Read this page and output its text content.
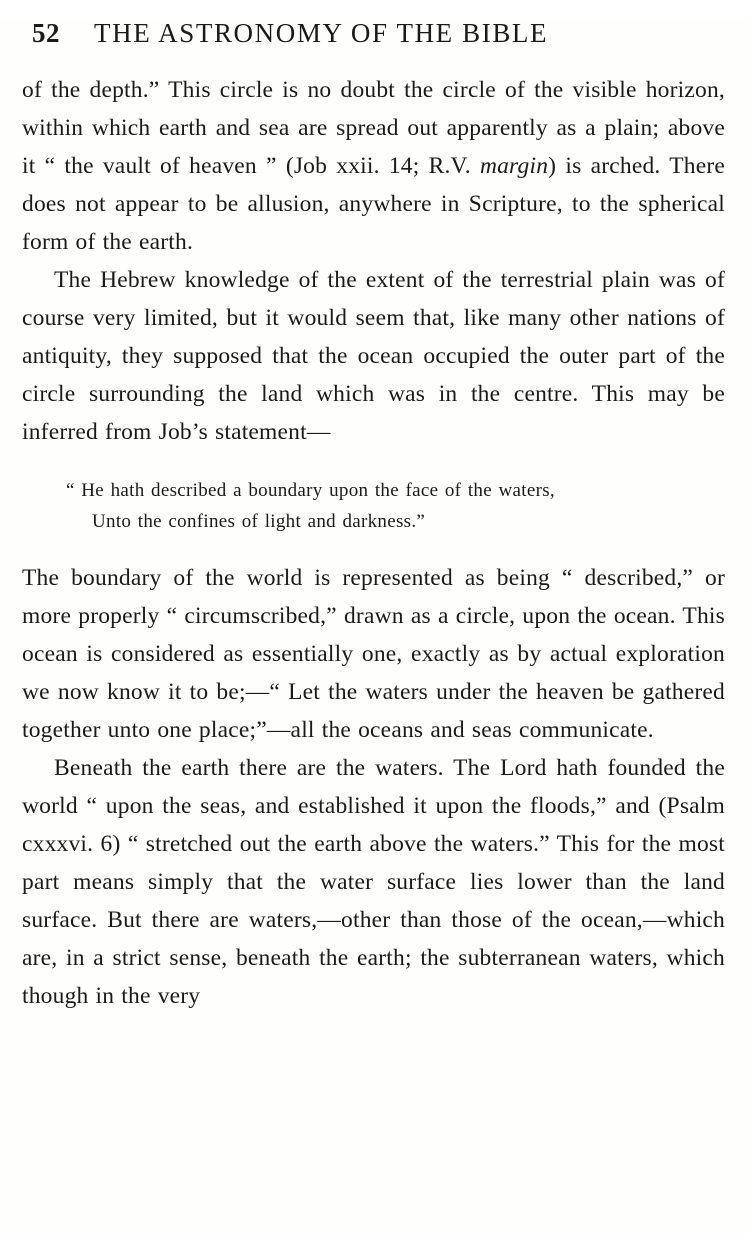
52 THE ASTRONOMY OF THE BIBLE

of the depth.” This circle is no doubt the circle of the visible horizon, within which earth and sea are spread out apparently as a plain; above it “ the vault of heaven ” (Job xxii. 14; R.V. margin) is arched. There does not appear to be allusion, anywhere in Scripture, to the spherical form of the earth.

The Hebrew knowledge of the extent of the terrestrial plain was of course very limited, but it would seem that, like many other nations of antiquity, they supposed that the ocean occupied the outer part of the circle surrounding the land which was in the centre. This may be inferred from Job’s statement—

“ He hath described a boundary upon the face of the waters,
Unto the confines of light and darkness.”

The boundary of the world is represented as being “ described,” or more properly “ circumscribed,” drawn as a circle, upon the ocean. This ocean is considered as essentially one, exactly as by actual exploration we now know it to be;—“ Let the waters under the heaven be gathered together unto one place;”—all the oceans and seas communicate.

Beneath the earth there are the waters. The Lord hath founded the world “ upon the seas, and established it upon the floods,” and (Psalm cxxxvi. 6) “ stretched out the earth above the waters.” This for the most part means simply that the water surface lies lower than the land surface. But there are waters,—other than those of the ocean,—which are, in a strict sense, beneath the earth; the subterranean waters, which though in the very
